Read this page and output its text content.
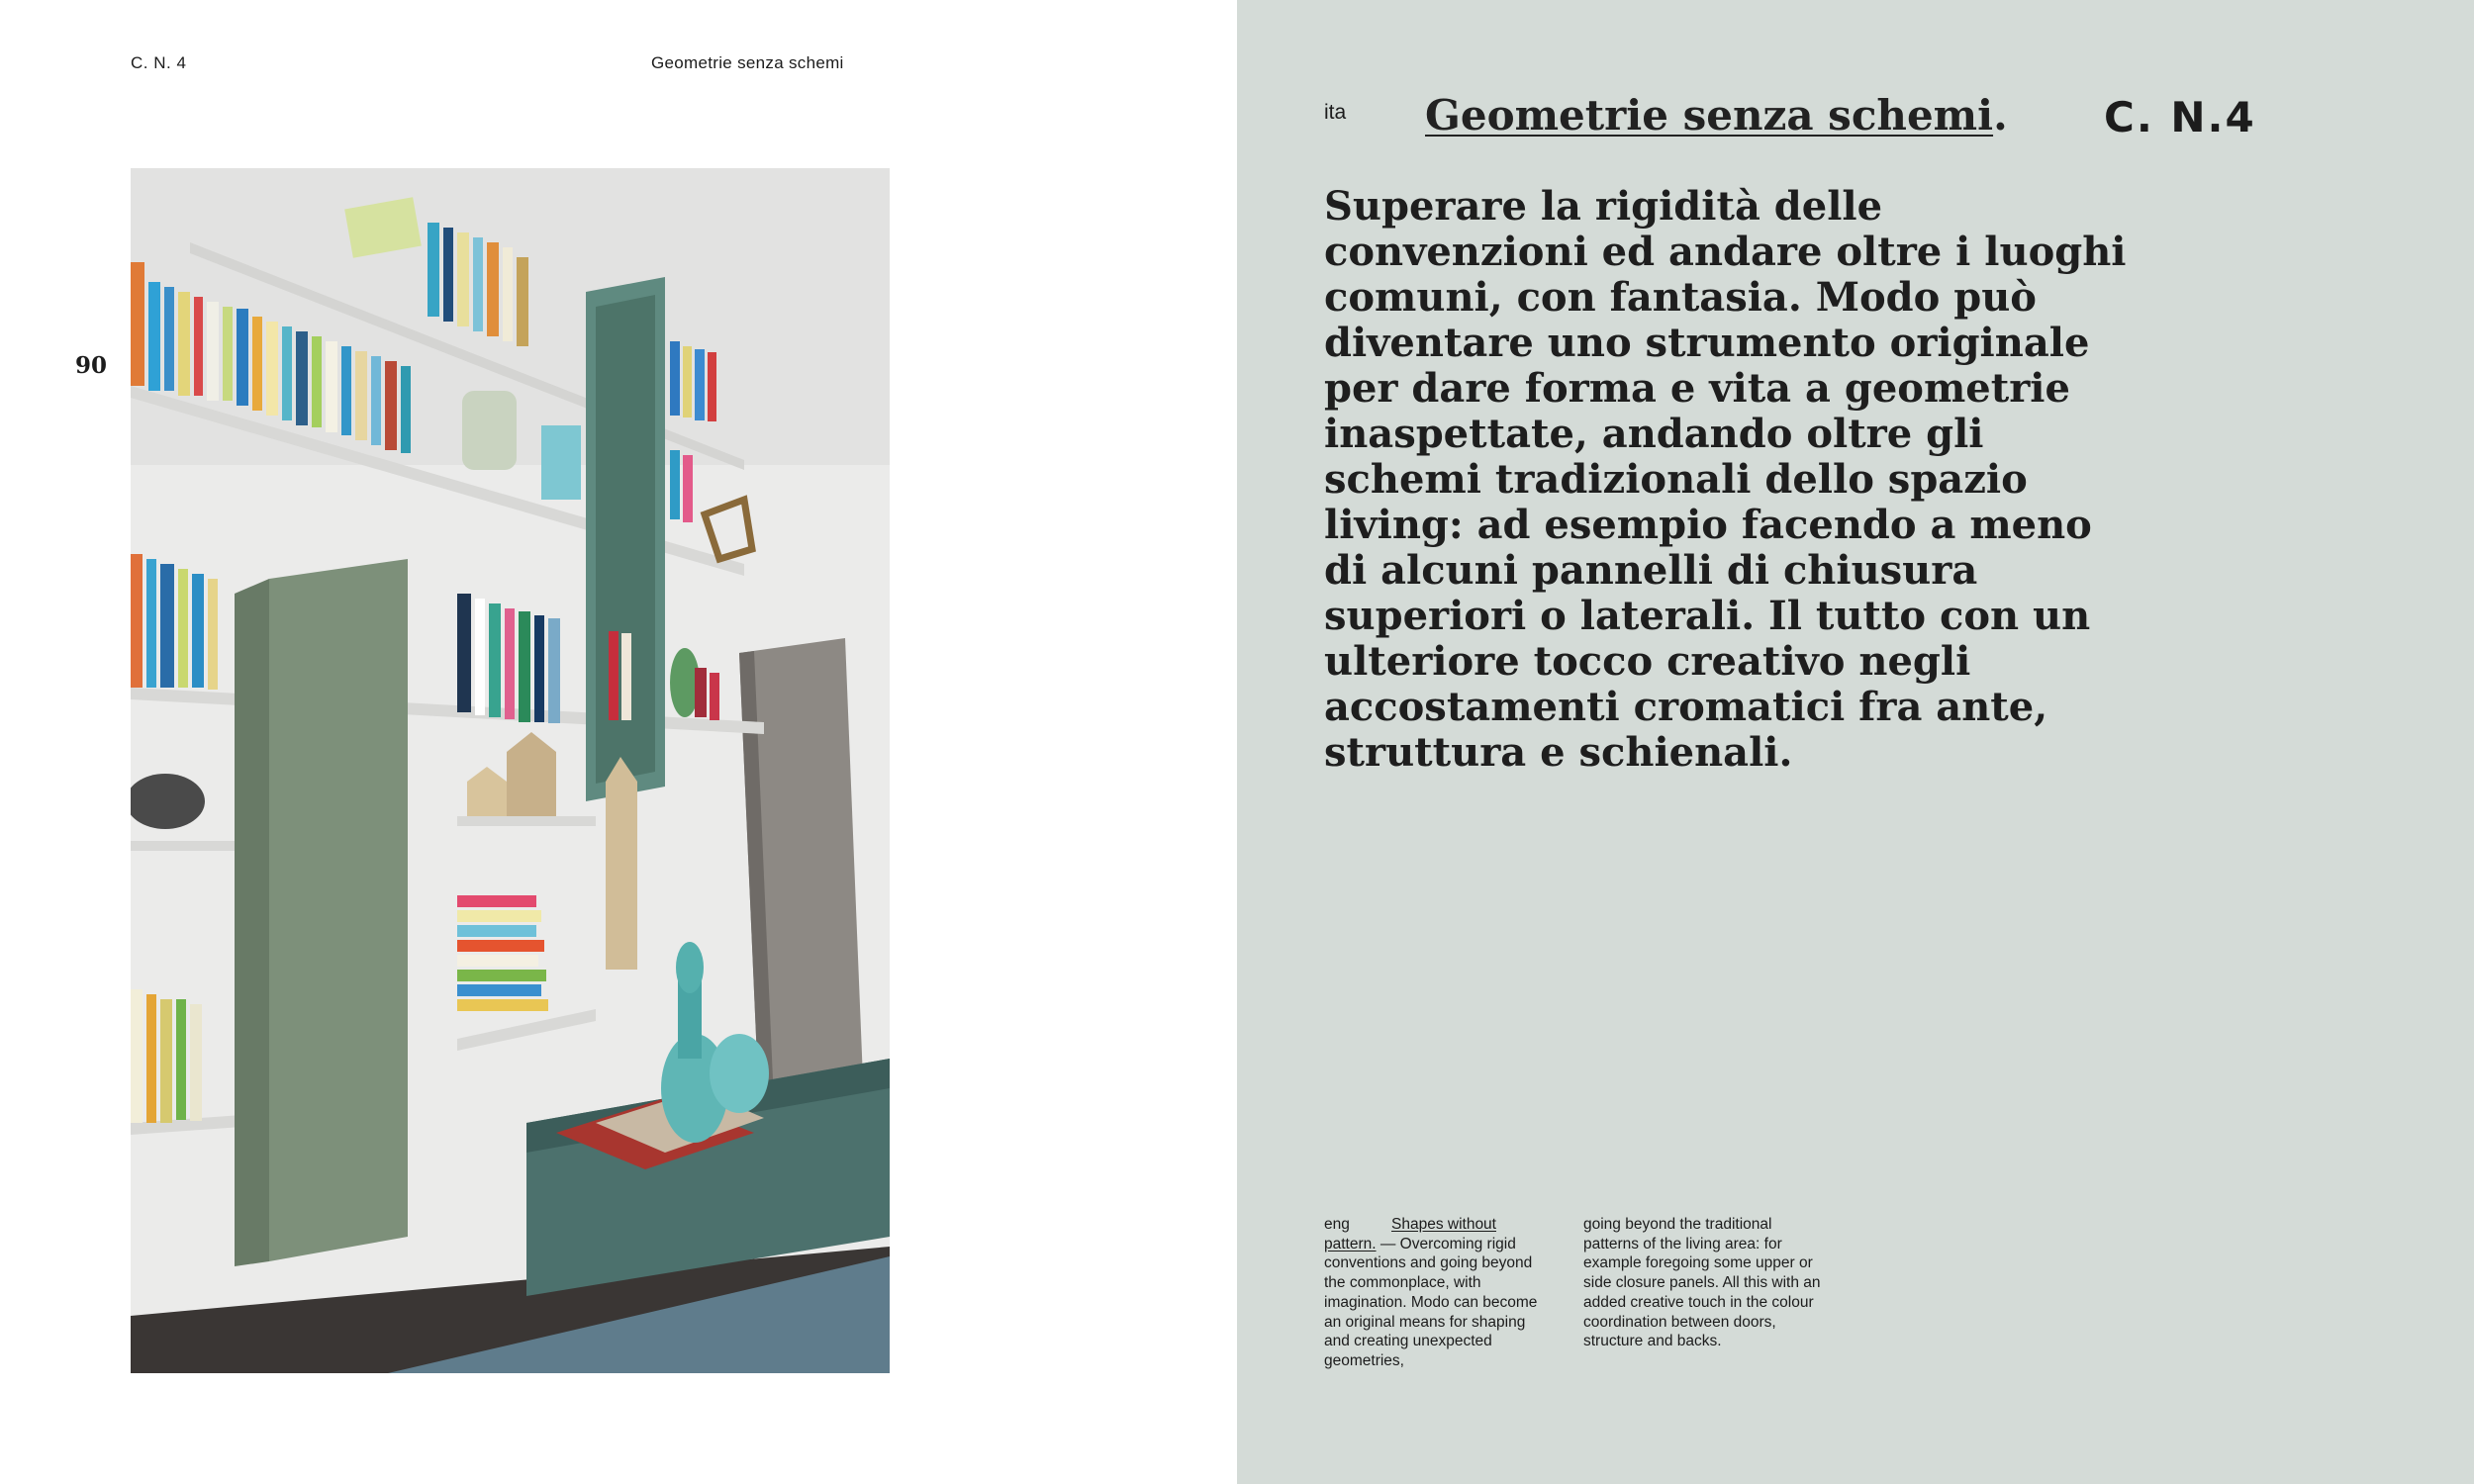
C. N. 4	Geometrie senza schemi
90
ita Geometrie senza schemi. C. N.4

Superare la rigidità delle convenzioni ed andare oltre i luoghi comuni, con fantasia. Modo può diventare uno strumento originale per dare forma e vita a geometrie inaspettate, andando oltre gli schemi tradizionali dello spazio living: ad esempio facendo a meno di alcuni pannelli di chiusura superiori o laterali. Il tutto con un ulteriore tocco creativo negli accostamenti cromatici fra ante, struttura e schienali.

eng	Shapes without pattern. — Overcoming rigid conventions and going beyond the commonplace, with imagination. Modo can become an original means for shaping and creating unexpected geometries,

going beyond the traditional patterns of the living area: for example foregoing some upper or side closure panels. All this with an added creative touch in the colour coordination between doors, structure and backs.
